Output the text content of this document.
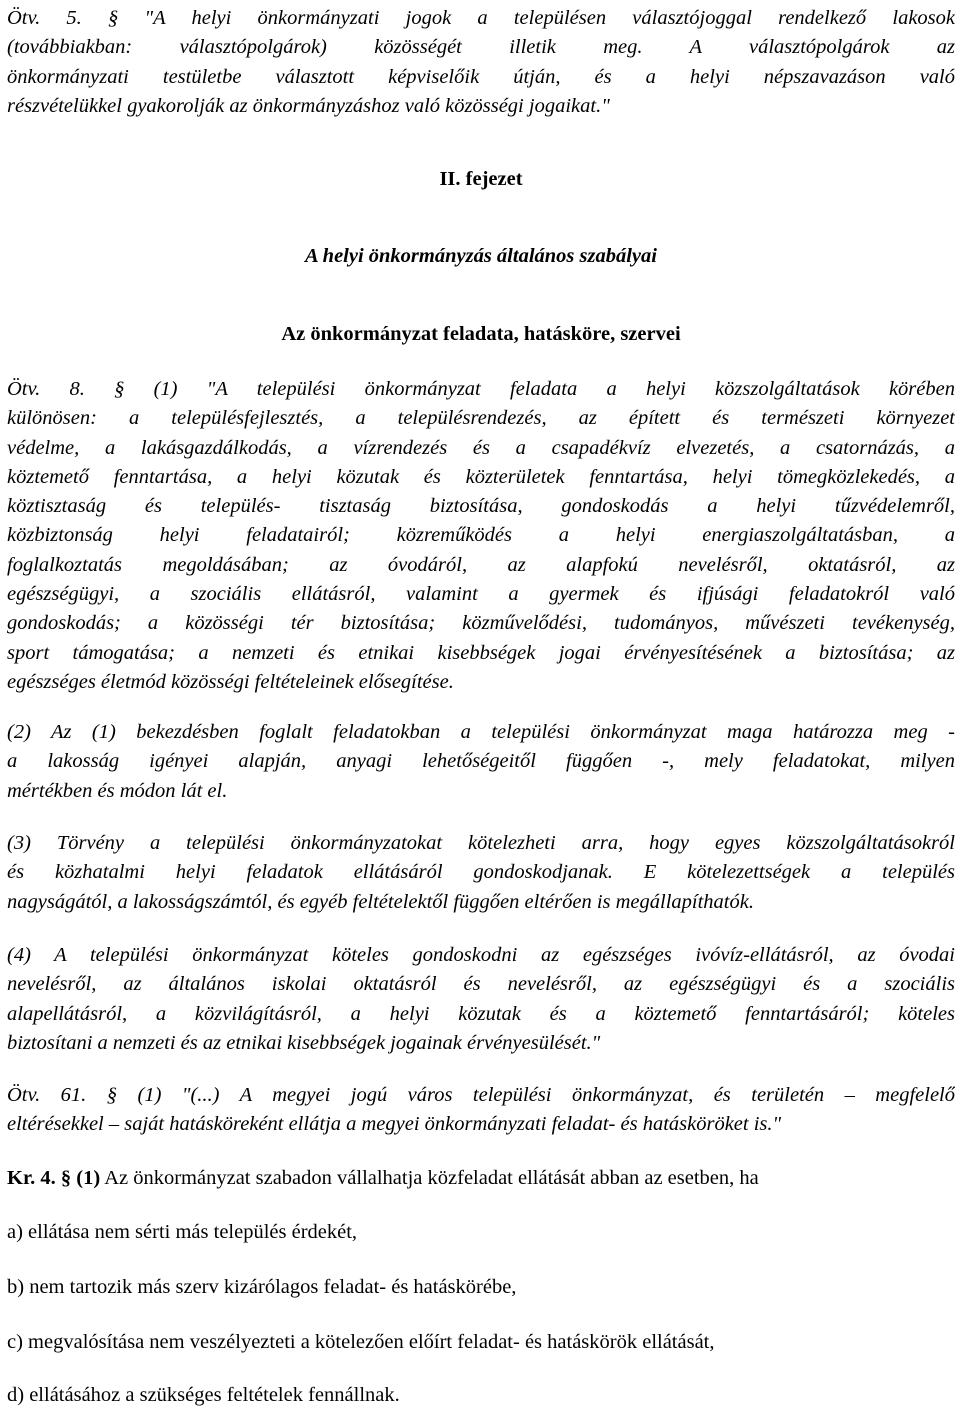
Ötv. 5. § "A helyi önkormányzati jogok a településen választójoggal rendelkező lakosok
(továbbiakban: választópolgárok) közösségét illetik meg. A választópolgárok az
önkormányzati testületbe választott képviselőik útján, és a helyi népszavazáson való
részvételükkel gyakorolják az önkormányzáshoz való közösségi jogaikat."
II. fejezet
A helyi önkormányzás általános szabályai
Az önkormányzat feladata, hatásköre, szervei
Ötv. 8. § (1) "A települési önkormányzat feladata a helyi közszolgáltatások körében
különösen: a településfejlesztés, a településrendezés, az épített és természeti környezet
védelme, a lakásgazdálkodás, a vízrendezés és a csapadékvíz elvezetés, a csatornázás, a
köztemető fenntartása, a helyi közutak és közterületek fenntartása, helyi tömegközlekedés, a
köztisztaság és település- tisztaság biztosítása, gondoskodás a helyi tűzvédelemről,
közbiztonság helyi feladatairól; közreműködés a helyi energiaszolgáltatásban, a
foglalkoztatás megoldásában; az óvodáról, az alapfokú nevelésről, oktatásról, az
egészségügyi, a szociális ellátásról, valamint a gyermek és ifjúsági feladatokról való
gondoskodás; a közösségi tér biztosítása; közművelődési, tudományos, művészeti tevékenység,
sport támogatása; a nemzeti és etnikai kisebbségek jogai érvényesítésének a biztosítása; az
egészséges életmód közösségi feltételeinek elősegítése.
(2) Az (1) bekezdésben foglalt feladatokban a települési önkormányzat maga határozza meg -
a lakosság igényei alapján, anyagi lehetőségeitől függően -, mely feladatokat, milyen
mértékben és módon lát el.
(3) Törvény a települési önkormányzatokat kötelezheti arra, hogy egyes közszolgáltatásokról
és közhatalmi helyi feladatok ellátásáról gondoskodjanak. E kötelezettségek a település
nagyságától, a lakosságszámtól, és egyéb feltételektől függően eltérően is megállapíthatók.
(4) A települési önkormányzat köteles gondoskodni az egészséges ivóvíz-ellátásról, az óvodai
nevelésről, az általános iskolai oktatásról és nevelésről, az egészségügyi és a szociális
alapellátásról, a közvilágításról, a helyi közutak és a köztemető fenntartásáról; köteles
biztosítani a nemzeti és az etnikai kisebbségek jogainak érvényesülését."
Ötv. 61. § (1) "(...) A megyei jogú város települési önkormányzat, és területén – megfelelő
eltérésekkel – saját hatásköreként ellátja a megyei önkormányzati feladat- és hatásköröket is."
Kr. 4. § (1) Az önkormányzat szabadon vállalhatja közfeladat ellátását abban az esetben, ha
a) ellátása nem sérti más település érdekét,
b) nem tartozik más szerv kizárólagos feladat- és hatáskörébe,
c) megvalósítása nem veszélyezteti a kötelezően előírt feladat- és hatáskörök ellátását,
d) ellátásához a szükséges feltételek fennállnak.
